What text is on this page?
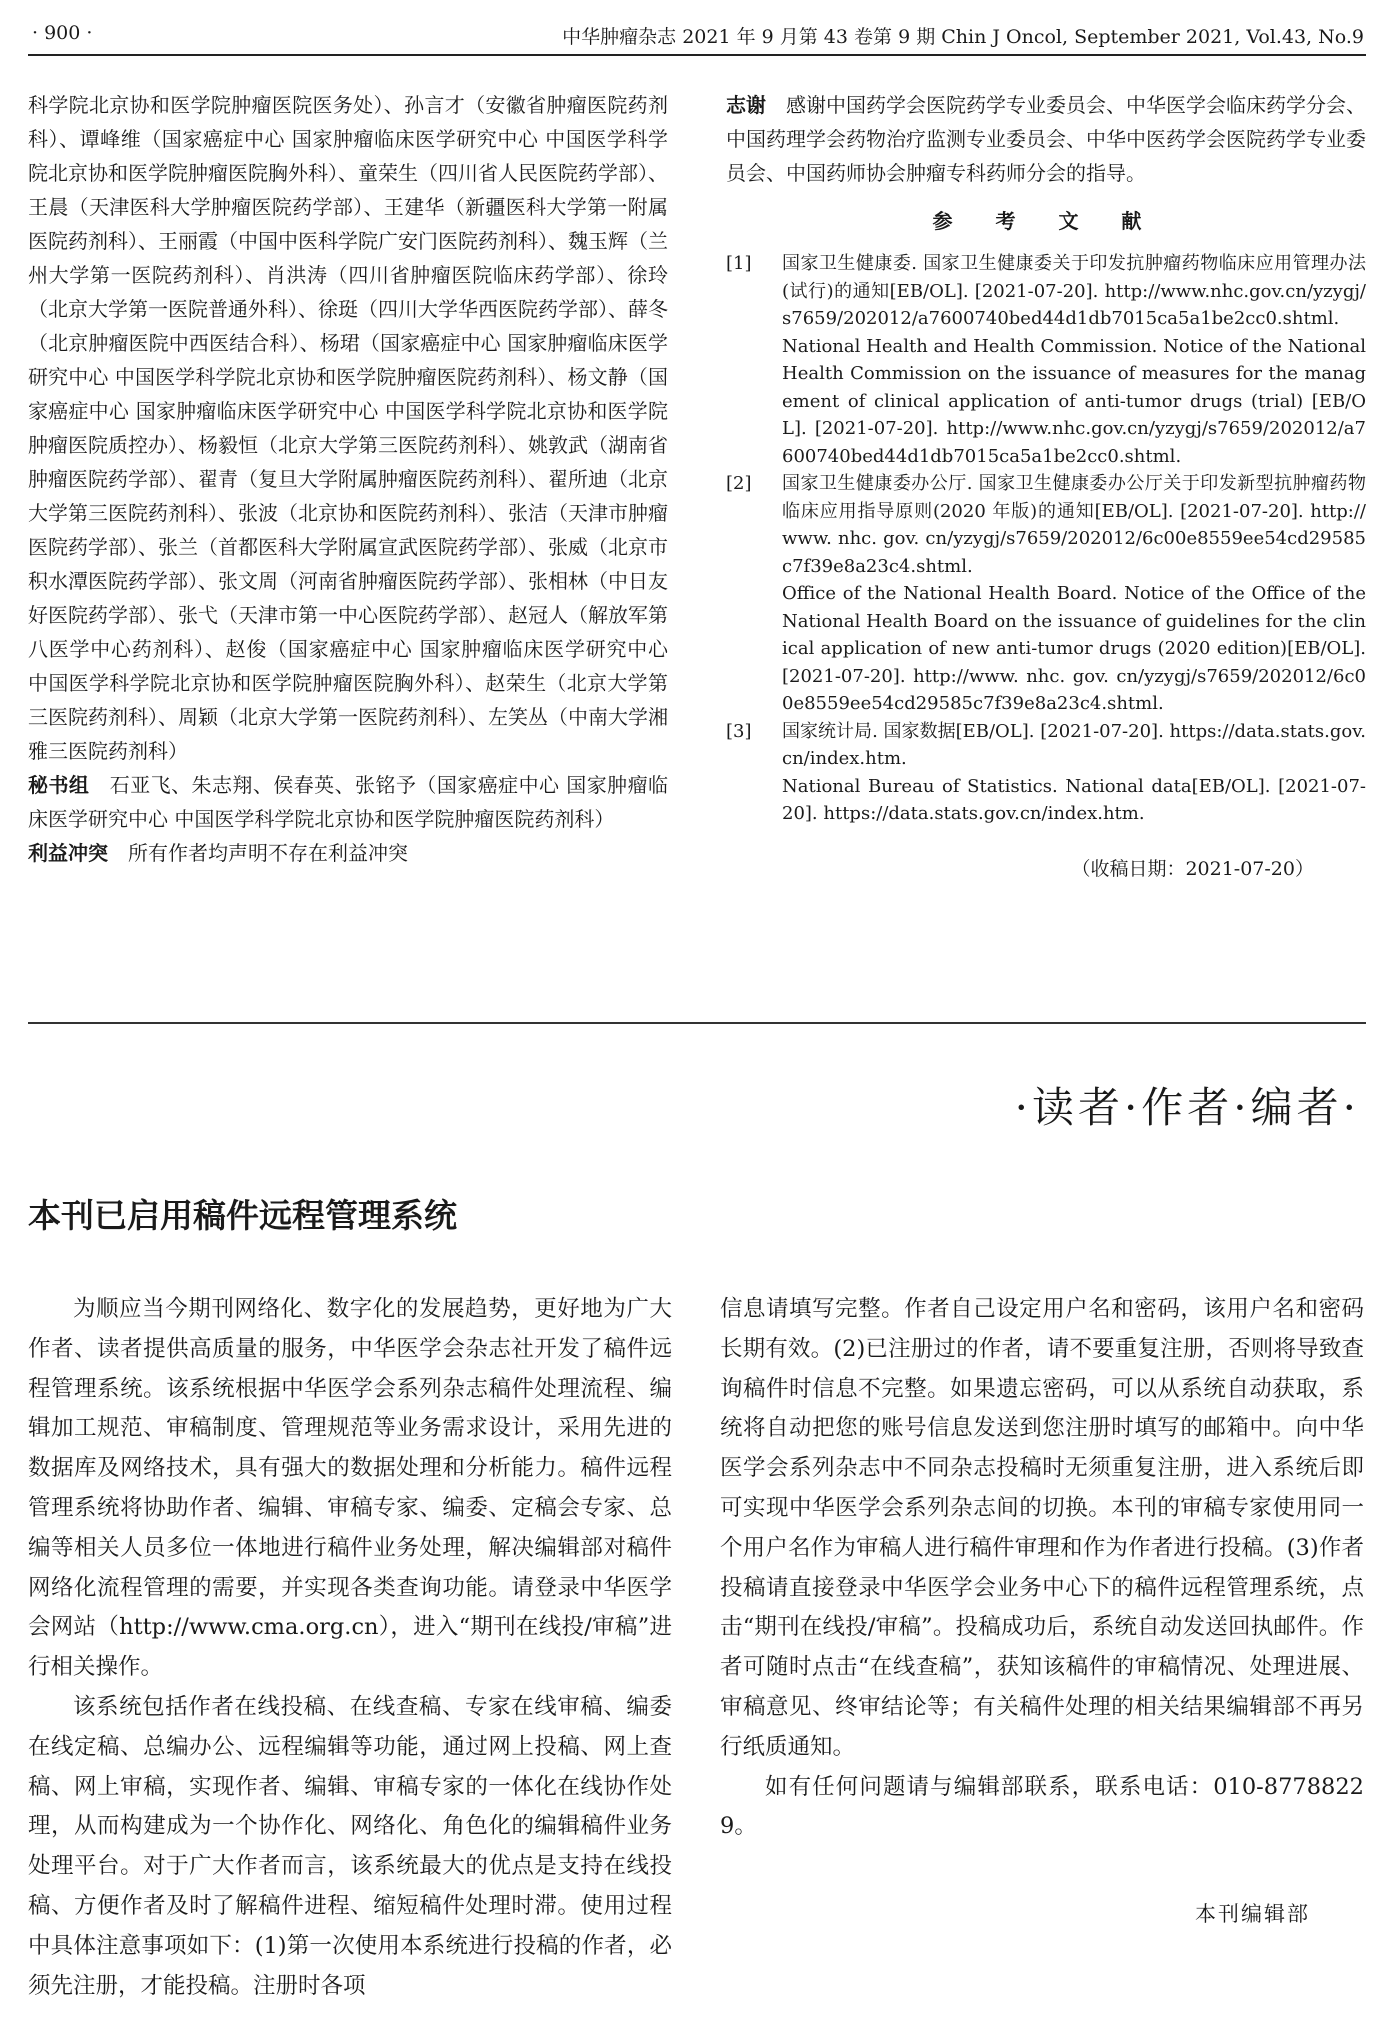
· 900 ·	中华肿瘤杂志 2021 年 9 月第 43 卷第 9 期 Chin J Oncol, September 2021, Vol.43, No.9

科学院北京协和医学院肿瘤医院医务处）、孙言才（安徽省肿瘤医院药剂科）、谭峰维（国家癌症中心 国家肿瘤临床医学研究中心 中国医学科学院北京协和医学院肿瘤医院胸外科）、童荣生（四川省人民医院药学部）、王晨（天津医科大学肿瘤医院药学部）、王建华（新疆医科大学第一附属医院药剂科）、王丽霞（中国中医科学院广安门医院药剂科）、魏玉辉（兰州大学第一医院药剂科）、肖洪涛（四川省肿瘤医院临床药学部）、徐玲（北京大学第一医院普通外科）、徐珽（四川大学华西医院药学部）、薛冬（北京肿瘤医院中西医结合科）、杨珺（国家癌症中心 国家肿瘤临床医学研究中心 中国医学科学院北京协和医学院肿瘤医院药剂科）、杨文静（国家癌症中心 国家肿瘤临床医学研究中心 中国医学科学院北京协和医学院肿瘤医院质控办）、杨毅恒（北京大学第三医院药剂科）、姚敦武（湖南省肿瘤医院药学部）、翟青（复旦大学附属肿瘤医院药剂科）、翟所迪（北京大学第三医院药剂科）、张波（北京协和医院药剂科）、张洁（天津市肿瘤医院药学部）、张兰（首都医科大学附属宣武医院药学部）、张威（北京市积水潭医院药学部）、张文周（河南省肿瘤医院药学部）、张相林（中日友好医院药学部）、张弋（天津市第一中心医院药学部）、赵冠人（解放军第八医学中心药剂科）、赵俊（国家癌症中心 国家肿瘤临床医学研究中心 中国医学科学院北京协和医学院肿瘤医院胸外科）、赵荣生（北京大学第三医院药剂科）、周颖（北京大学第一医院药剂科）、左笑丛（中南大学湘雅三医院药剂科）

秘书组　 石亚飞、朱志翔、侯春英、张铭予（国家癌症中心 国家肿瘤临床医学研究中心 中国医学科学院北京协和医学院肿瘤医院药剂科）

利益冲突　 所有作者均声明不存在利益冲突

志谢　 感谢中国药学会医院药学专业委员会、中华医学会临床药学分会、中国药理学会药物治疗监测专业委员会、中华中医药学会医院药学专业委员会、中国药师协会肿瘤专科药师分会的指导。

参 考 文 献
[1]	国家卫生健康委. 国家卫生健康委关于印发抗肿瘤药物临床应用管理办法(试行)的通知[EB/OL]. [2021-07-20]. http://www.nhc.gov.cn/yzygj/s7659/202012/a7600740bed44d1db7015ca5a1be2cc0.shtml.
National Health and Health Commission. Notice of the National Health Commission on the issuance of measures for the management of clinical application of anti-tumor drugs (trial) [EB/OL]. [2021-07-20]. http://www.nhc.gov.cn/yzygj/s7659/202012/a7600740bed44d1db7015ca5a1be2cc0.shtml.
[2]	国家卫生健康委办公厅. 国家卫生健康委办公厅关于印发新型抗肿瘤药物临床应用指导原则(2020 年版)的通知[EB/OL]. [2021-07-20]. http://www. nhc. gov. cn/yzygj/s7659/202012/6c00e8559ee54cd29585c7f39e8a23c4.shtml.
Office of the National Health Board. Notice of the Office of the National Health Board on the issuance of guidelines for the clinical application of new anti-tumor drugs (2020 edition)[EB/OL]. [2021-07-20]. http://www. nhc. gov. cn/yzygj/s7659/202012/6c00e8559ee54cd29585c7f39e8a23c4.shtml.
[3]	国家统计局. 国家数据[EB/OL]. [2021-07-20]. https://data.stats.gov.cn/index.htm.
National Bureau of Statistics. National data[EB/OL]. [2021-07-20]. https://data.stats.gov.cn/index.htm.
（收稿日期：2021-07-20）
·读者·作者·编者·
本刊已启用稿件远程管理系统

为顺应当今期刊网络化、数字化的发展趋势，更好地为广大作者、读者提供高质量的服务，中华医学会杂志社开发了稿件远程管理系统。该系统根据中华医学会系列杂志稿件处理流程、编辑加工规范、审稿制度、管理规范等业务需求设计，采用先进的数据库及网络技术，具有强大的数据处理和分析能力。稿件远程管理系统将协助作者、编辑、审稿专家、编委、定稿会专家、总编等相关人员多位一体地进行稿件业务处理，解决编辑部对稿件网络化流程管理的需要，并实现各类查询功能。请登录中华医学会网站（http://www.cma.org.cn），进入“期刊在线投/审稿”进行相关操作。

该系统包括作者在线投稿、在线查稿、专家在线审稿、编委在线定稿、总编办公、远程编辑等功能，通过网上投稿、网上查稿、网上审稿，实现作者、编辑、审稿专家的一体化在线协作处理，从而构建成为一个协作化、网络化、角色化的编辑稿件业务处理平台。对于广大作者而言，该系统最大的优点是支持在线投稿、方便作者及时了解稿件进程、缩短稿件处理时滞。使用过程中具体注意事项如下：(1)第一次使用本系统进行投稿的作者，必须先注册，才能投稿。注册时各项

信息请填写完整。作者自己设定用户名和密码，该用户名和密码长期有效。(2)已注册过的作者，请不要重复注册，否则将导致查询稿件时信息不完整。如果遗忘密码，可以从系统自动获取，系统将自动把您的账号信息发送到您注册时填写的邮箱中。向中华医学会系列杂志中不同杂志投稿时无须重复注册，进入系统后即可实现中华医学会系列杂志间的切换。本刊的审稿专家使用同一个用户名作为审稿人进行稿件审理和作为作者进行投稿。(3)作者投稿请直接登录中华医学会业务中心下的稿件远程管理系统，点击“期刊在线投/审稿”。投稿成功后，系统自动发送回执邮件。作者可随时点击“在线查稿”，获知该稿件的审稿情况、处理进展、审稿意见、终审结论等；有关稿件处理的相关结果编辑部不再另行纸质通知。

如有任何问题请与编辑部联系，联系电话：010-87788229。

本刊编辑部
